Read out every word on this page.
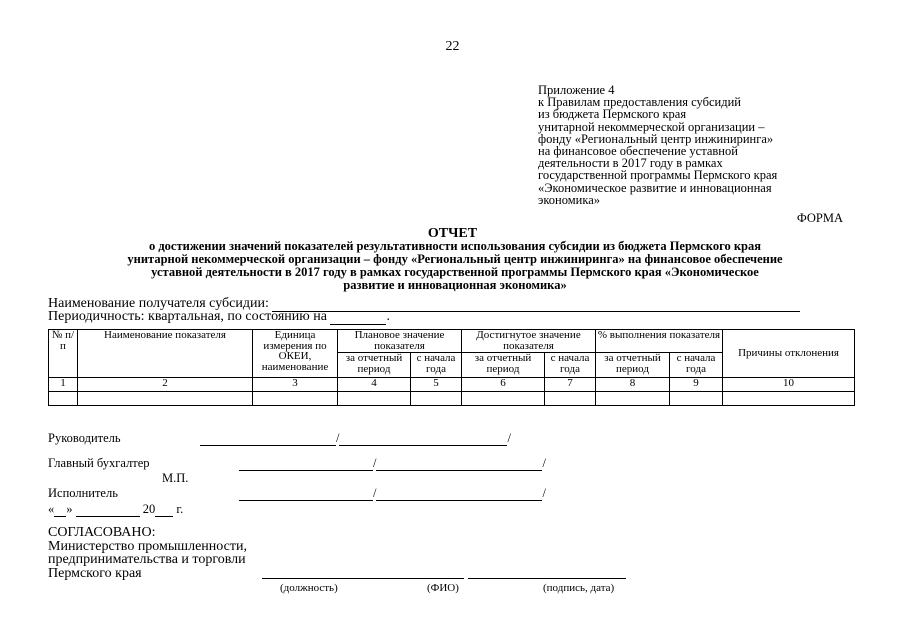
22
Приложение 4
к Правилам предоставления субсидий
из бюджета Пермского края
унитарной некоммерческой организации –
фонду «Региональный центр инжиниринга»
на финансовое обеспечение уставной
деятельности в 2017 году в рамках
государственной программы Пермского края
«Экономическое развитие и инновационная
экономика»
ФОРМА
ОТЧЕТ
о достижении значений показателей результативности использования субсидии из бюджета Пермского края
унитарной некоммерческой организации – фонду «Региональный центр инжиниринга» на финансовое обеспечение
уставной деятельности в 2017 году в рамках государственной программы Пермского края «Экономическое
развитие и инновационная экономика»
Наименование получателя субсидии:
Периодичность: квартальная, по состоянию на	.
№ п/п	Наименование показателя	Единица измерения по ОКЕИ, наименование	Плановое значение показателя		Достигнутое значение показателя		% выполнения показателя		Причины отклонения
			за отчетный период	с начала года	за отчетный период	с начала года	за отчетный период	с начала года	
1	2	3	4	5	6	7	8	9	10

Руководитель	/	/
Главный бухгалтер	/	/
М.П.
Исполнитель	/	/
« »	20 г.
СОГЛАСОВАНО:
Министерство промышленности,
предпринимательства и торговли
Пермского края
(должность)	(ФИО)	(подпись, дата)
